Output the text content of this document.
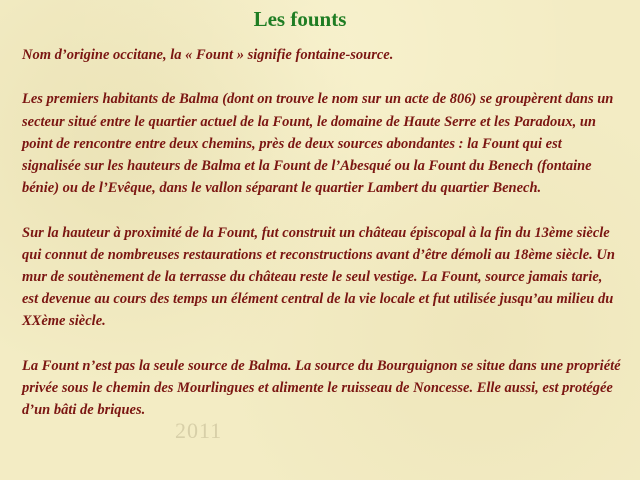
Les founts

Nom d’origine occitane, la « Fount » signifie fontaine-source.

Les premiers habitants de Balma (dont on trouve le nom sur un acte de 806) se groupèrent dans un secteur situé entre le quartier actuel de la Fount, le domaine de Haute Serre et les Paradoux, un point de rencontre entre deux chemins, près de deux sources abondantes : la Fount qui est signalisée sur les hauteurs de Balma et la Fount de l’Abesqué ou la Fount du Benech (fontaine bénie) ou de l’Evêque, dans le vallon séparant le quartier Lambert du quartier Benech.

Sur la hauteur à proximité de la Fount, fut construit un château épiscopal à la fin du 13ème siècle qui connut de nombreuses restaurations et reconstructions avant d’être démoli au 18ème siècle. Un mur de soutènement de la terrasse du château reste le seul vestige. La Fount, source jamais tarie, est devenue au cours des temps un élément central de la vie locale et fut utilisée jusqu’au milieu du XXème siècle.

La Fount n’est pas la seule source de Balma. La source du Bourguignon se situe dans une propriété privée sous le chemin des Mourlingues et alimente le ruisseau de Noncesse. Elle aussi, est protégée d’un bâti de briques.

2011
